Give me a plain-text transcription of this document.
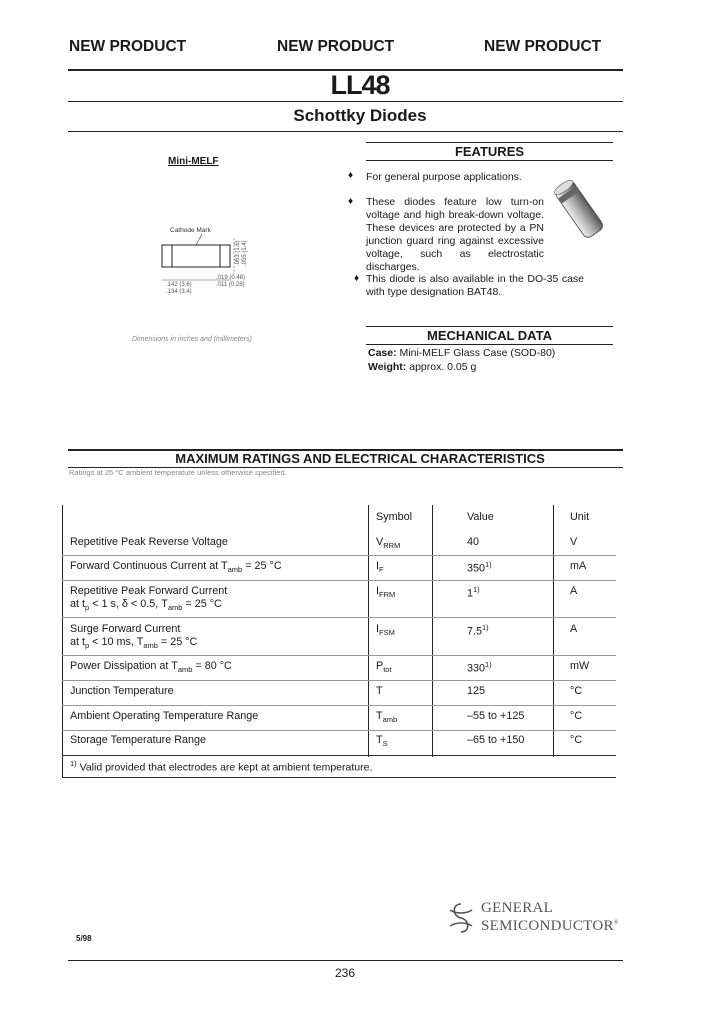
NEW PRODUCT	NEW PRODUCT	NEW PRODUCT
LL48
Schottky Diodes
Mini-MELF
Cathode Mark
.142 (3.6)
.134 (3.4)
.019 (0.48)
.011 (0.28)
.063 (1.6) .055 (1.4)
Dimensions in inches and (millimeters)
FEATURES
♦ For general purpose applications.
♦ These diodes feature low turn-on voltage and high break-down voltage. These devices are protected by a PN junction guard ring against excessive voltage, such as electrostatic discharges.
♦ This diode is also available in the DO-35 case with type designation BAT48.
MECHANICAL DATA
Case: Mini-MELF Glass Case (SOD-80)
Weight: approx. 0.05 g
MAXIMUM RATINGS AND ELECTRICAL CHARACTERISTICS
Ratings at 25 °C ambient temperature unless otherwise specified.
Symbol	Value	Unit
Repetitive Peak Reverse Voltage	$V_{RRM}$	40	V
Forward Continuous Current at $T_{amb} = 25$ °C	$I_F$	350$^{1)}$	mA
Repetitive Peak Forward Current
at $t_p < 1$ s, δ < 0.5, $T_{amb} = 25$ °C
$I_{FRM}$	1$^{1)}$	A
Surge Forward Current
at $t_p < 10$ ms, $T_{amb} = 25$ °C
$I_{FSM}$	7.5$^{1)}$	A
Power Dissipation at $T_{amb} = 80$ °C	$P_{tot}$	330$^{1)}$	mW
Junction Temperature	T	125	°C
Ambient Operating Temperature Range	$T_{amb}$	–55 to +125	°C
Storage Temperature Range	$T_S$	–65 to +150	°C
$^{1)}$ Valid provided that electrodes are kept at ambient temperature.
5/98
GENERAL
SEMICONDUCTOR®
236
